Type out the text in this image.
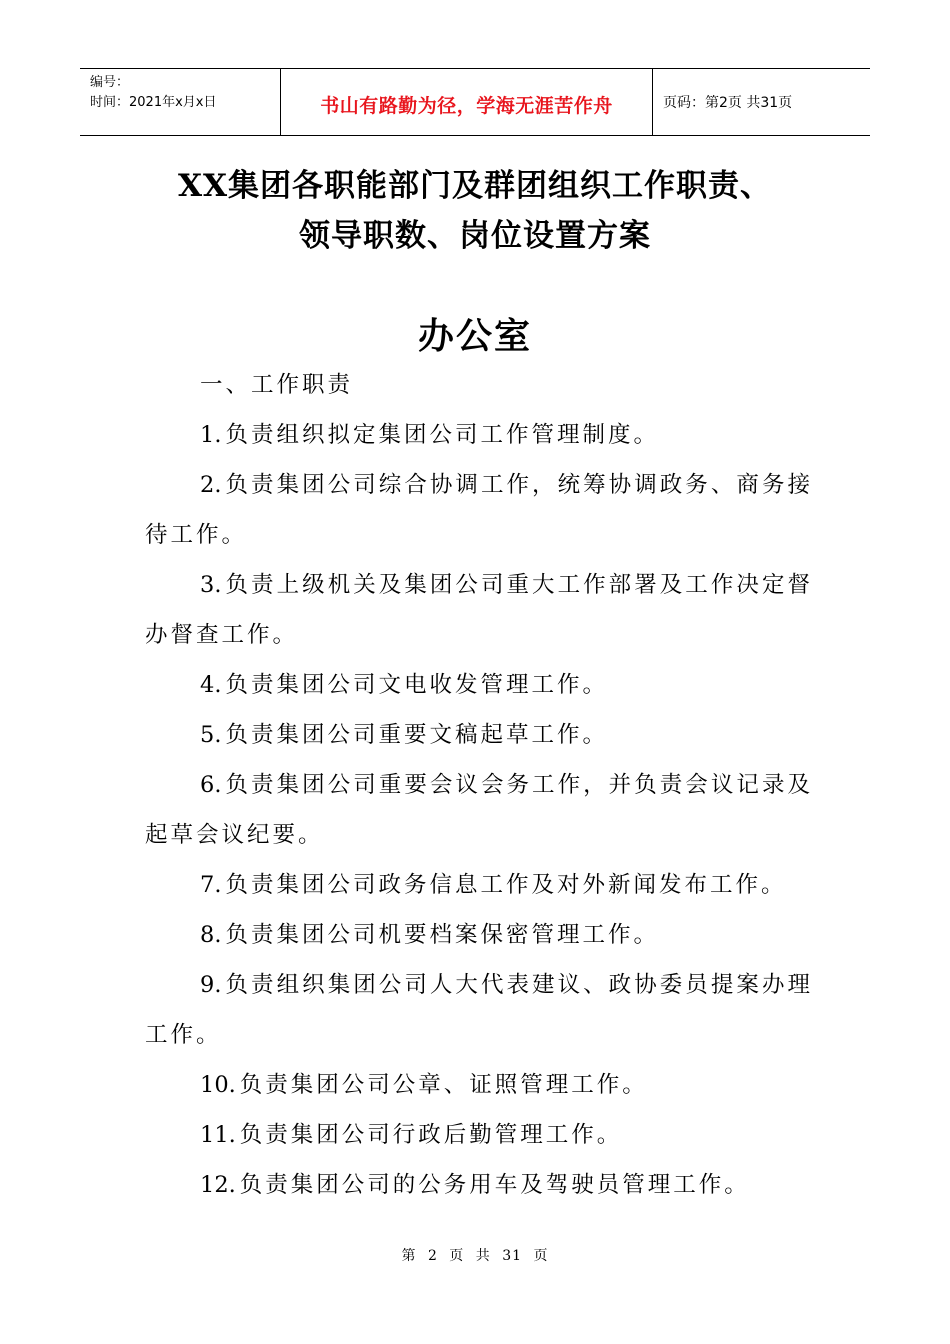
编号：
时间：2021年x月x日	书山有路勤为径，学海无涯苦作舟	页码：第2页 共31页
XX集团各职能部门及群团组织工作职责、
领导职数、岗位设置方案
办公室

一、工作职责

1. 负责组织拟定集团公司工作管理制度。

2. 负责集团公司综合协调工作，统筹协调政务、商务接待工作。

3. 负责上级机关及集团公司重大工作部署及工作决定督办督查工作。

4. 负责集团公司文电收发管理工作。

5. 负责集团公司重要文稿起草工作。

6. 负责集团公司重要会议会务工作，并负责会议记录及起草会议纪要。

7. 负责集团公司政务信息工作及对外新闻发布工作。

8. 负责集团公司机要档案保密管理工作。

9. 负责组织集团公司人大代表建议、政协委员提案办理工作。

10. 负责集团公司公章、证照管理工作。

11. 负责集团公司行政后勤管理工作。

12. 负责集团公司的公务用车及驾驶员管理工作。

第 2 页 共 31 页
